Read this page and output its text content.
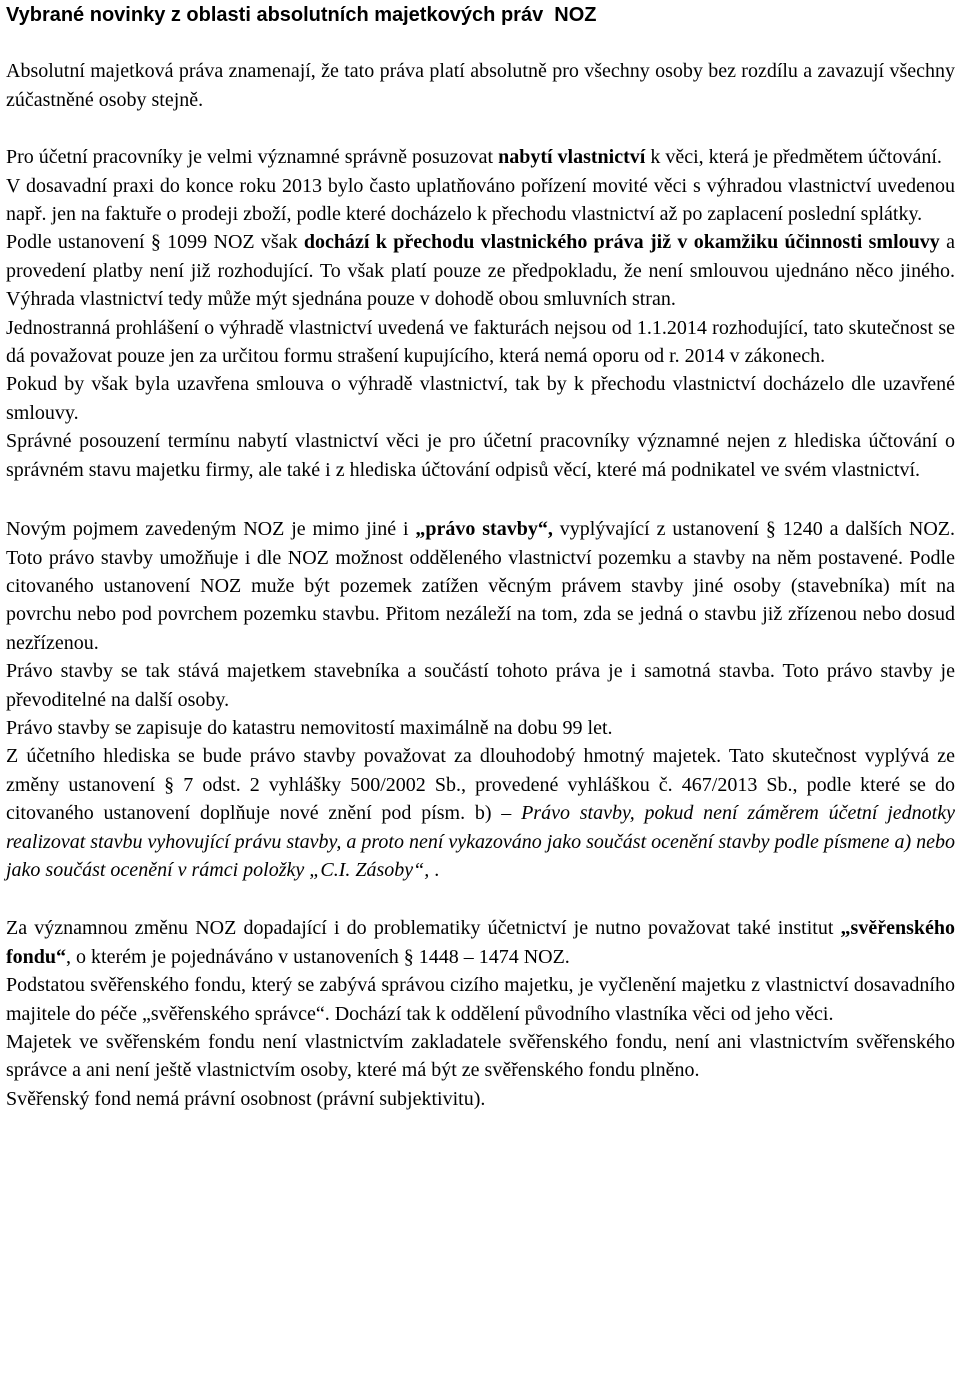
Vybrané novinky z oblasti absolutních majetkových práv  NOZ

Absolutní majetková práva znamenají, že tato práva platí absolutně pro všechny osoby bez rozdílu a zavazují všechny zúčastněné osoby stejně.

Pro účetní pracovníky je velmi významné správně posuzovat nabytí vlastnictví k věci, která je předmětem účtování.

V dosavadní praxi do konce roku 2013 bylo často uplatňováno pořízení movité věci s výhradou vlastnictví uvedenou např. jen na faktuře o prodeji zboží, podle které docházelo k přechodu vlastnictví až po zaplacení poslední splátky.

Podle ustanovení § 1099 NOZ však dochází k přechodu vlastnického práva již v okamžiku účinnosti smlouvy a provedení platby není již rozhodující. To však platí pouze ze předpokladu, že není smlouvou ujednáno něco jiného. Výhrada vlastnictví tedy může mýt sjednána pouze v dohodě obou smluvních stran.

Jednostranná prohlášení o výhradě vlastnictví uvedená ve fakturách nejsou od 1.1.2014 rozhodující, tato skutečnost se dá považovat pouze jen za určitou formu strašení kupujícího, která nemá oporu od r. 2014 v zákonech.

Pokud by však byla uzavřena smlouva o výhradě vlastnictví, tak by k přechodu vlastnictví docházelo dle uzavřené smlouvy.

Správné posouzení termínu nabytí vlastnictví věci je pro účetní pracovníky významné nejen z hlediska účtování o správném stavu majetku firmy, ale také i z hlediska účtování odpisů věcí, které má podnikatel ve svém vlastnictví.

Novým pojmem zavedeným NOZ je mimo jiné i „právo stavby“, vyplývající z ustanovení § 1240 a dalších NOZ. Toto právo stavby umožňuje i dle NOZ možnost odděleného vlastnictví pozemku a stavby na něm postavené. Podle citovaného ustanovení NOZ muže být pozemek zatížen věcným právem stavby jiné osoby (stavebníka) mít na povrchu nebo pod povrchem pozemku stavbu. Přitom nezáleží na tom, zda se jedná o stavbu již zřízenou nebo dosud nezřízenou.

Právo stavby se tak stává majetkem stavebníka a součástí tohoto práva je i samotná stavba. Toto právo stavby je převoditelné na další osoby.

Právo stavby se zapisuje do katastru nemovitostí maximálně na dobu 99 let.

Z účetního hlediska se bude právo stavby považovat za dlouhodobý hmotný majetek. Tato skutečnost vyplývá ze změny ustanovení § 7 odst. 2 vyhlášky 500/2002 Sb., provedené vyhláškou č. 467/2013 Sb., podle které se do citovaného ustanovení doplňuje nové znění pod písm. b) – Právo stavby, pokud není záměrem účetní jednotky realizovat stavbu vyhovující právu stavby, a proto není vykazováno jako součást ocenění stavby podle písmene a) nebo jako součást ocenění v rámci položky „C.I. Zásoby“, .

Za významnou změnu NOZ dopadající i do problematiky účetnictví je nutno považovat také institut „svěřenského fondu“, o kterém je pojednáváno v ustanoveních § 1448 – 1474 NOZ.

Podstatou svěřenského fondu, který se zabývá správou cizího majetku, je vyčlenění majetku z vlastnictví dosavadního majitele do péče „svěřenského správce“. Dochází tak k oddělení původního vlastníka věci od jeho věci.

Majetek ve svěřenském fondu není vlastnictvím zakladatele svěřenského fondu, není ani vlastnictvím svěřenského správce a ani není ještě vlastnictvím osoby, které má být ze svěřenského fondu plněno.

Svěřenský fond nemá právní osobnost (právní subjektivitu).
